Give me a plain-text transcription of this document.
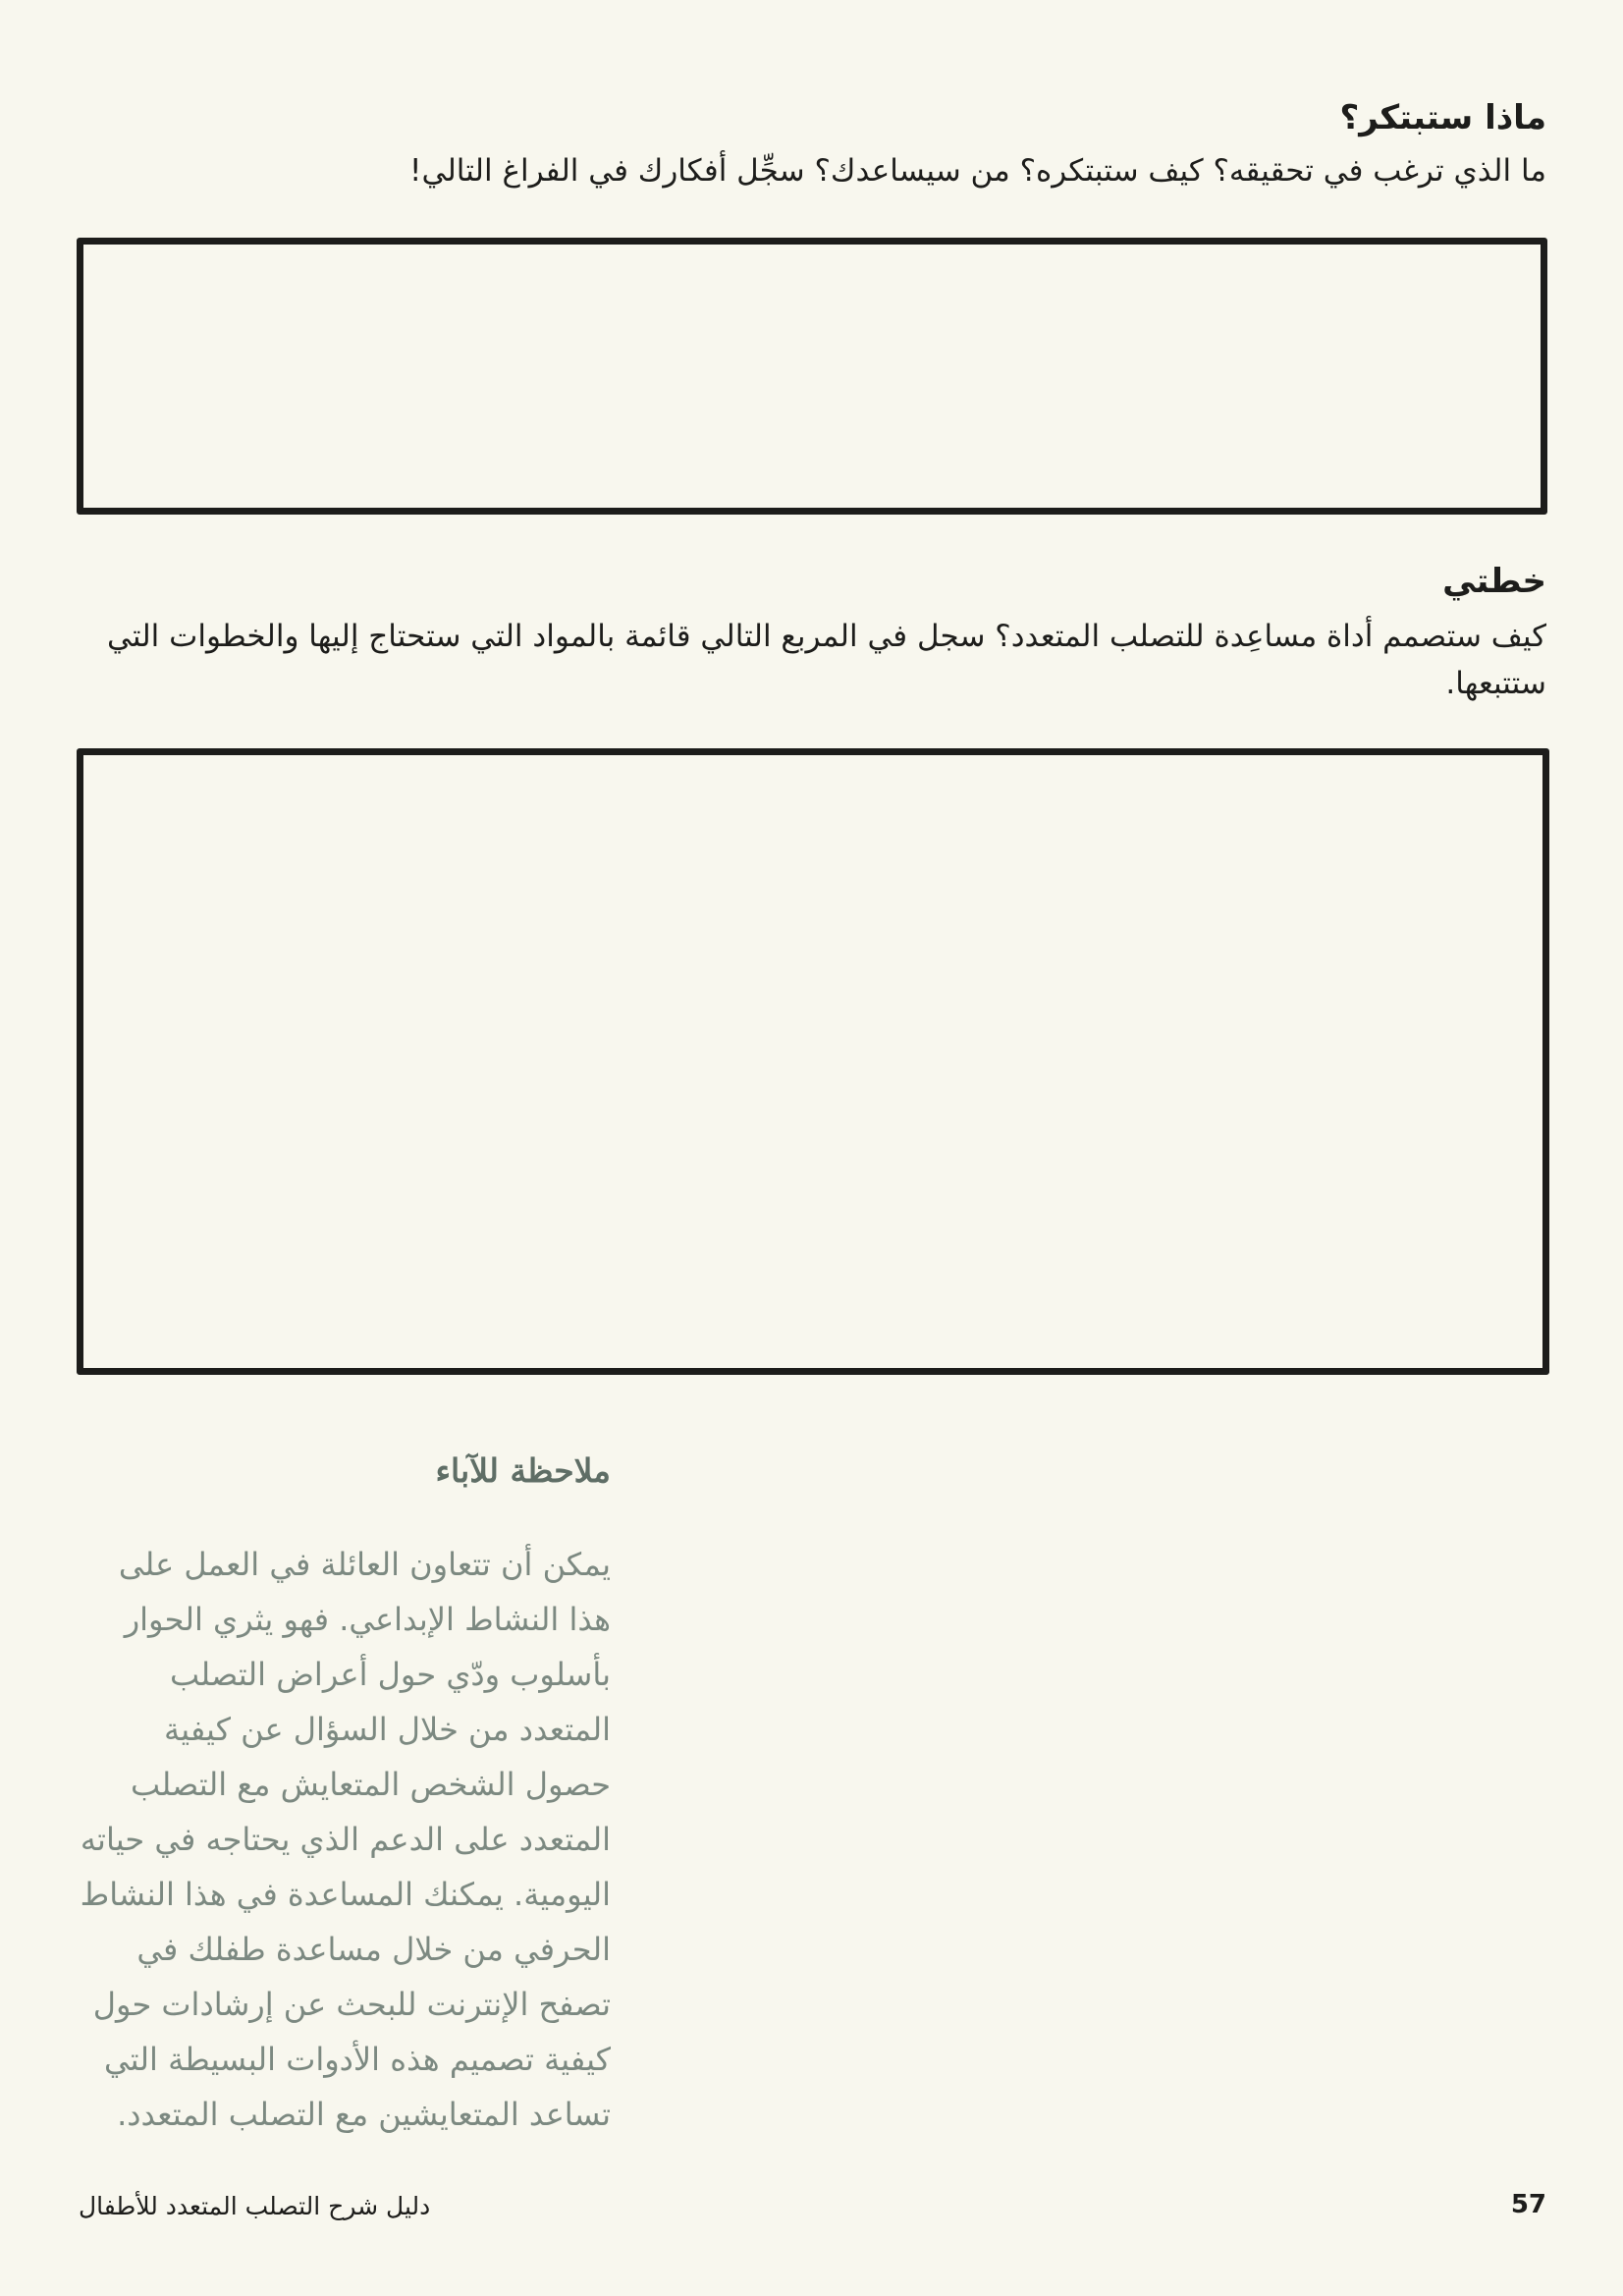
ماذا ستبتكر؟

ما الذي ترغب في تحقيقه؟ كيف ستبتكره؟ من سيساعدك؟ سجِّل أفكارك في الفراغ التالي!

خطتي

كيف ستصمم أداة مساعِدة للتصلب المتعدد؟ سجل في المربع التالي قائمة بالمواد التي ستحتاج إليها والخطوات التي ستتبعها.

ملاحظة للآباء

يمكن أن تتعاون العائلة في العمل على هذا النشاط الإبداعي. فهو يثري الحوار بأسلوب ودّي حول أعراض التصلب المتعدد من خلال السؤال عن كيفية حصول الشخص المتعايش مع التصلب المتعدد على الدعم الذي يحتاجه في حياته اليومية. يمكنك المساعدة في هذا النشاط الحرفي من خلال مساعدة طفلك في تصفح الإنترنت للبحث عن إرشادات حول كيفية تصميم هذه الأدوات البسيطة التي تساعد المتعايشين مع التصلب المتعدد.

دليل شرح التصلب المتعدد للأطفال	57
